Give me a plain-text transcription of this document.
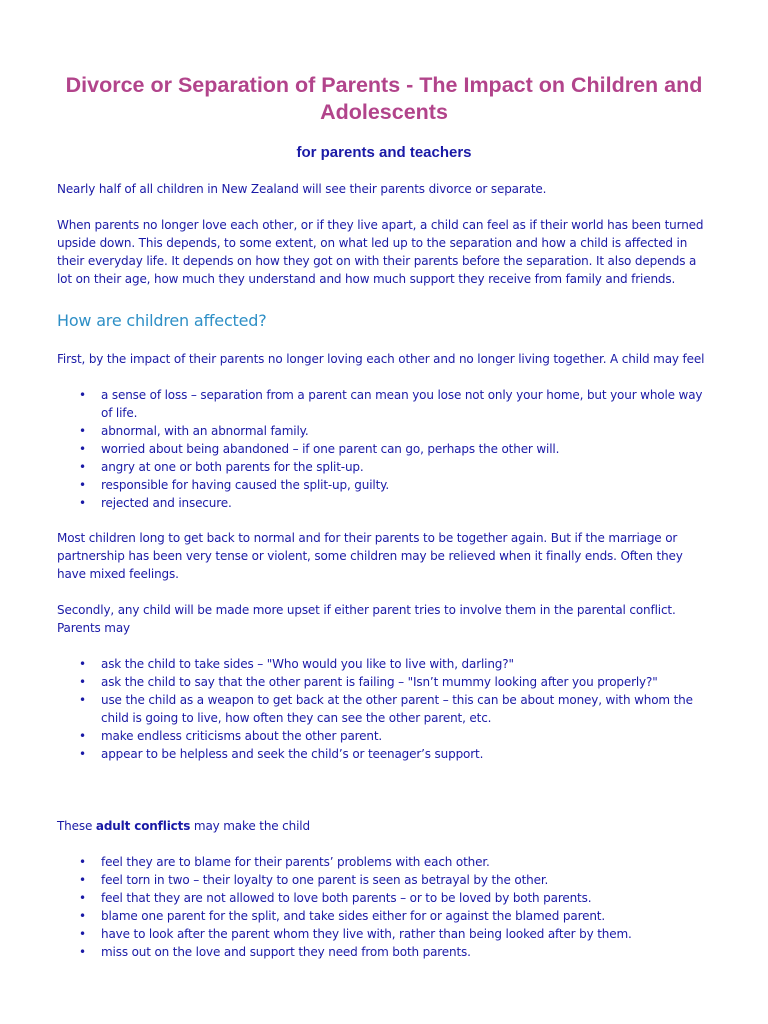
Divorce or Separation of Parents - The Impact on Children and Adolescents
for parents and teachers

Nearly half of all children in New Zealand will see their parents divorce or separate.

When parents no longer love each other, or if they live apart, a child can feel as if their world has been turned upside down. This depends, to some extent, on what led up to the separation and how a child is affected in their everyday life. It depends on how they got on with their parents before the separation. It also depends a lot on their age, how much they understand and how much support they receive from family and friends.

How are children affected?

First, by the impact of their parents no longer loving each other and no longer living together. A child may feel

• a sense of loss – separation from a parent can mean you lose not only your home, but your whole way of life.
• abnormal, with an abnormal family.
• worried about being abandoned – if one parent can go, perhaps the other will.
• angry at one or both parents for the split-up.
• responsible for having caused the split-up, guilty.
• rejected and insecure.

Most children long to get back to normal and for their parents to be together again. But if the marriage or partnership has been very tense or violent, some children may be relieved when it finally ends. Often they have mixed feelings.

Secondly, any child will be made more upset if either parent tries to involve them in the parental conflict. Parents may

• ask the child to take sides – "Who would you like to live with, darling?"
• ask the child to say that the other parent is failing – "Isn’t mummy looking after you properly?"
• use the child as a weapon to get back at the other parent – this can be about money, with whom the child is going to live, how often they can see the other parent, etc.
• make endless criticisms about the other parent.
• appear to be helpless and seek the child’s or teenager’s support.

These adult conflicts may make the child

• feel they are to blame for their parents’ problems with each other.
• feel torn in two – their loyalty to one parent is seen as betrayal by the other.
• feel that they are not allowed to love both parents – or to be loved by both parents.
• blame one parent for the split, and take sides either for or against the blamed parent.
• have to look after the parent whom they live with, rather than being looked after by them.
• miss out on the love and support they need from both parents.
